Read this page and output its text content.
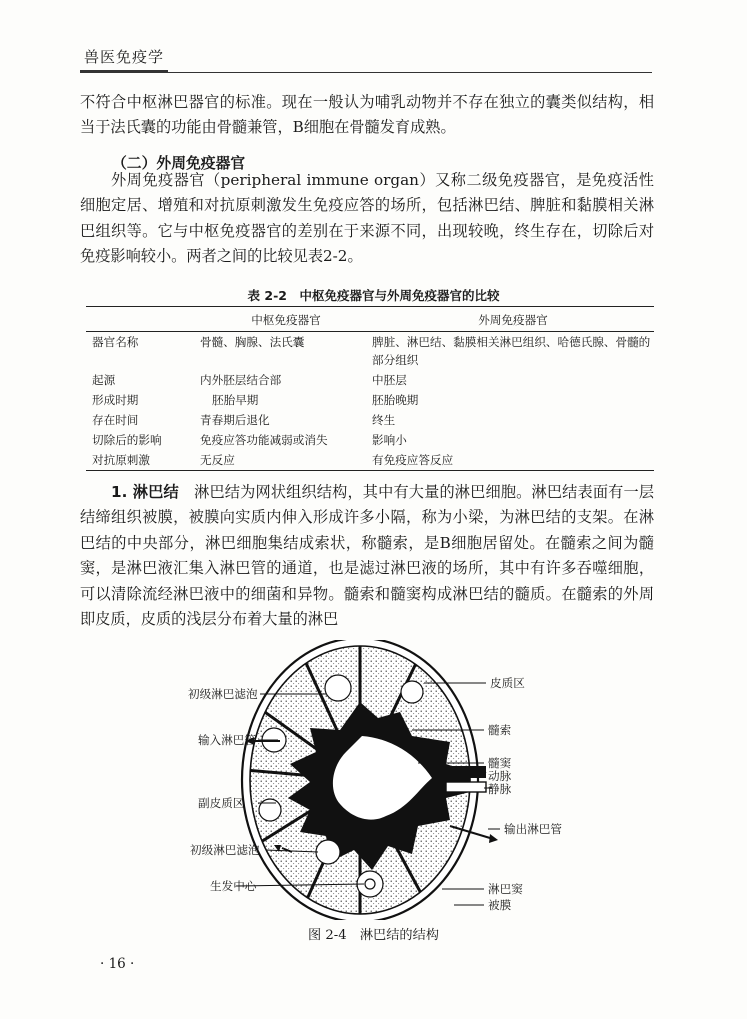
兽医免疫学

不符合中枢淋巴器官的标准。现在一般认为哺乳动物并不存在独立的囊类似结构，相当于法氏囊的功能由骨髓兼管，B细胞在骨髓发育成熟。

（二）外周免疫器官

外周免疫器官（peripheral immune organ）又称二级免疫器官，是免疫活性细胞定居、增殖和对抗原刺激发生免疫应答的场所，包括淋巴结、脾脏和黏膜相关淋巴组织等。它与中枢免疫器官的差别在于来源不同，出现较晚，终生存在，切除后对免疫影响较小。两者之间的比较见表2-2。

表 2-2　中枢免疫器官与外周免疫器官的比较
	中枢免疫器官	外周免疫器官
器官名称	骨髓、胸腺、法氏囊	脾脏、淋巴结、黏膜相关淋巴组织、哈德氏腺、骨髓的部分组织
起源	内外胚层结合部	中胚层
形成时期	胚胎早期	胚胎晚期
存在时间	青春期后退化	终生
切除后的影响	免疫应答功能减弱或消失	影响小
对抗原刺激	无反应	有免疫应答反应

1. 淋巴结　 淋巴结为网状组织结构，其中有大量的淋巴细胞。淋巴结表面有一层结缔组织被膜，被膜向实质内伸入形成许多小隔，称为小梁，为淋巴结的支架。在淋巴结的中央部分，淋巴细胞集结成索状，称髓索，是B细胞居留处。在髓索之间为髓窦，是淋巴液汇集入淋巴管的通道，也是滤过淋巴液的场所，其中有许多吞噬细胞，可以清除流经淋巴液中的细菌和异物。髓索和髓窦构成淋巴结的髓质。在髓索的外周即皮质，皮质的浅层分布着大量的淋巴

初级淋巴滤泡
输入淋巴管
副皮质区
初级淋巴滤泡
生发中心
皮质区
髓索
髓窦
动脉
静脉
输出淋巴管
淋巴窦
被膜
图 2-4　淋巴结的结构
· 16 ·
